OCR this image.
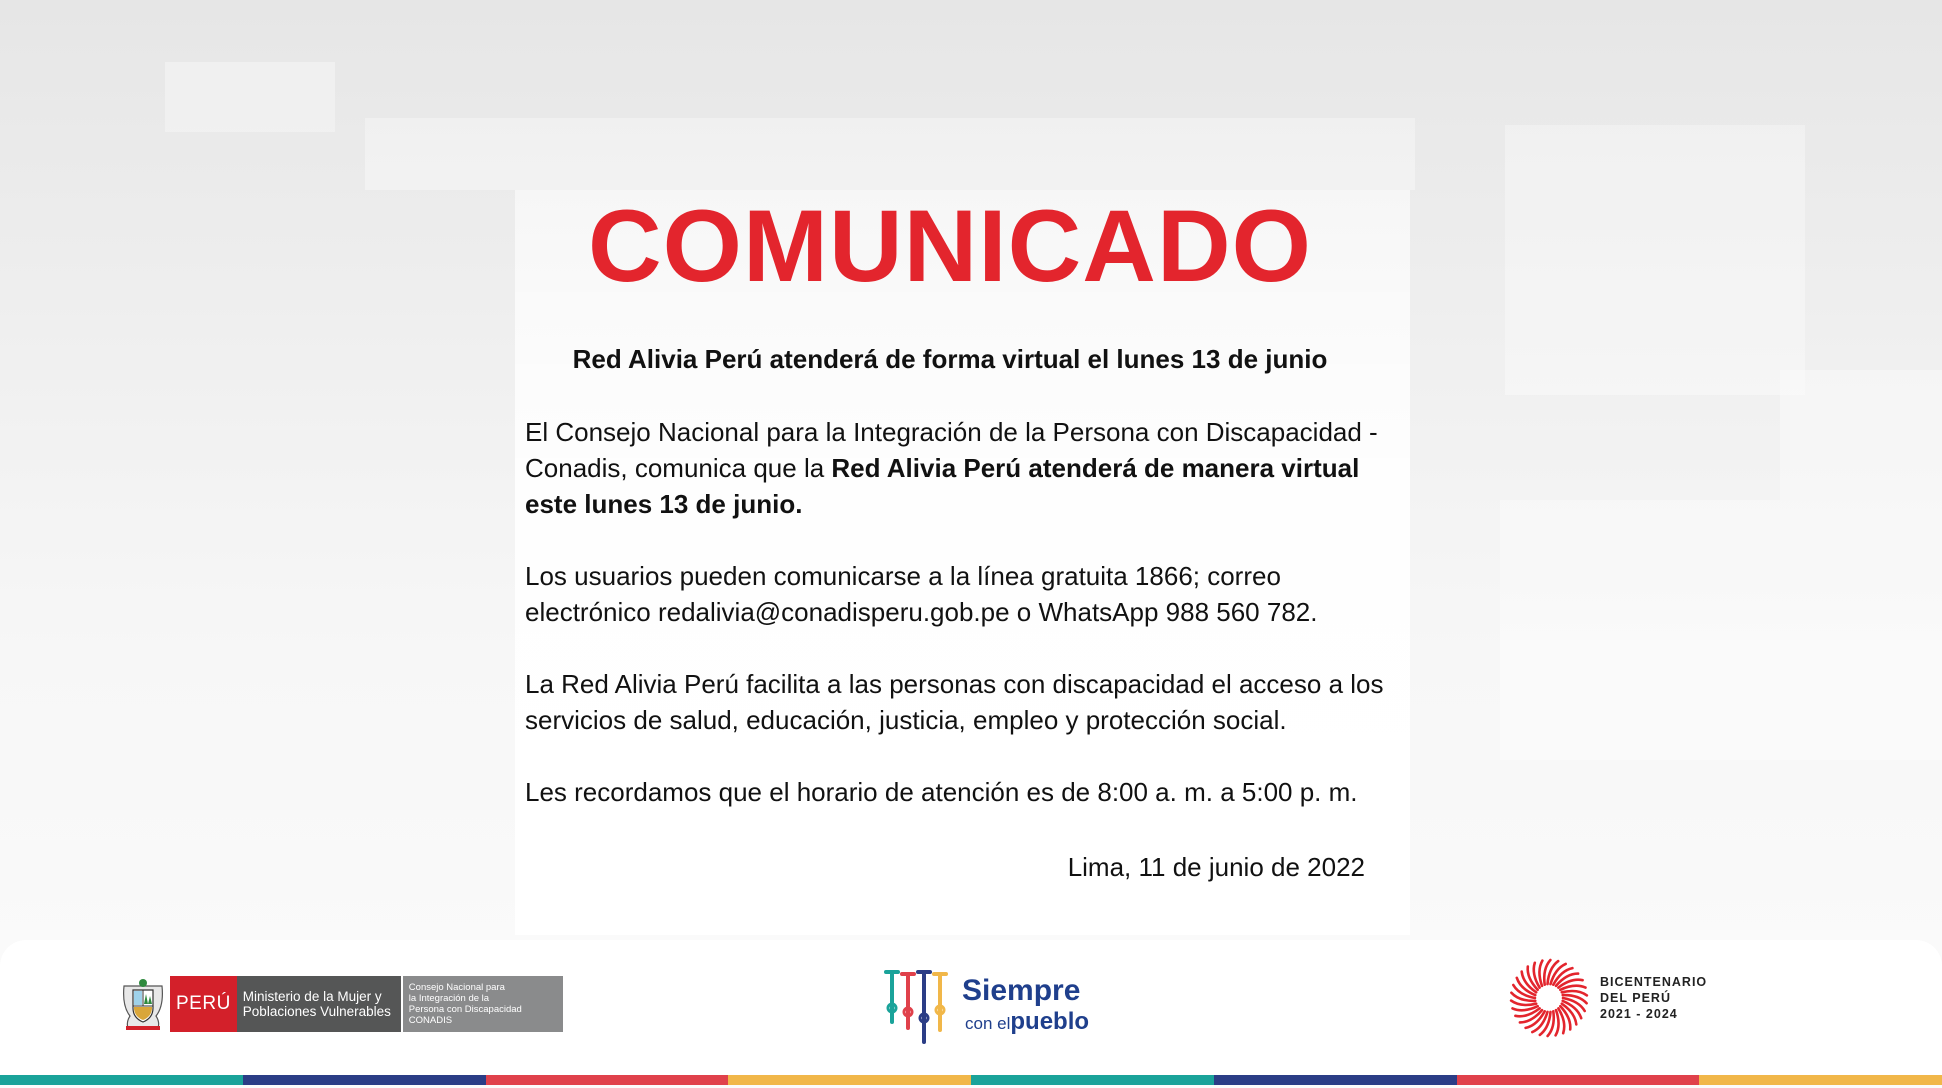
COMUNICADO

Red Alivia Perú atenderá de forma virtual el lunes 13 de junio

El Consejo Nacional para la Integración de la Persona con Discapacidad - Conadis, comunica que la Red Alivia Perú atenderá de manera virtual este lunes 13 de junio.

Los usuarios pueden comunicarse a la línea gratuita 1866; correo electrónico redalivia@conadisperu.gob.pe o WhatsApp 988 560 782.

La Red Alivia Perú facilita a las personas con discapacidad el acceso a los servicios de salud, educación, justicia, empleo y protección social.

Les recordamos que el horario de atención es de 8:00 a. m. a 5:00 p. m.

Lima, 11 de junio de 2022

PERÚ Ministerio de la Mujer y Poblaciones Vulnerables
Consejo Nacional para
la Integración de la
Persona con Discapacidad
CONADIS
Siempre
con elpueblo
BICENTENARIO
DEL PERÚ
2021 - 2024
